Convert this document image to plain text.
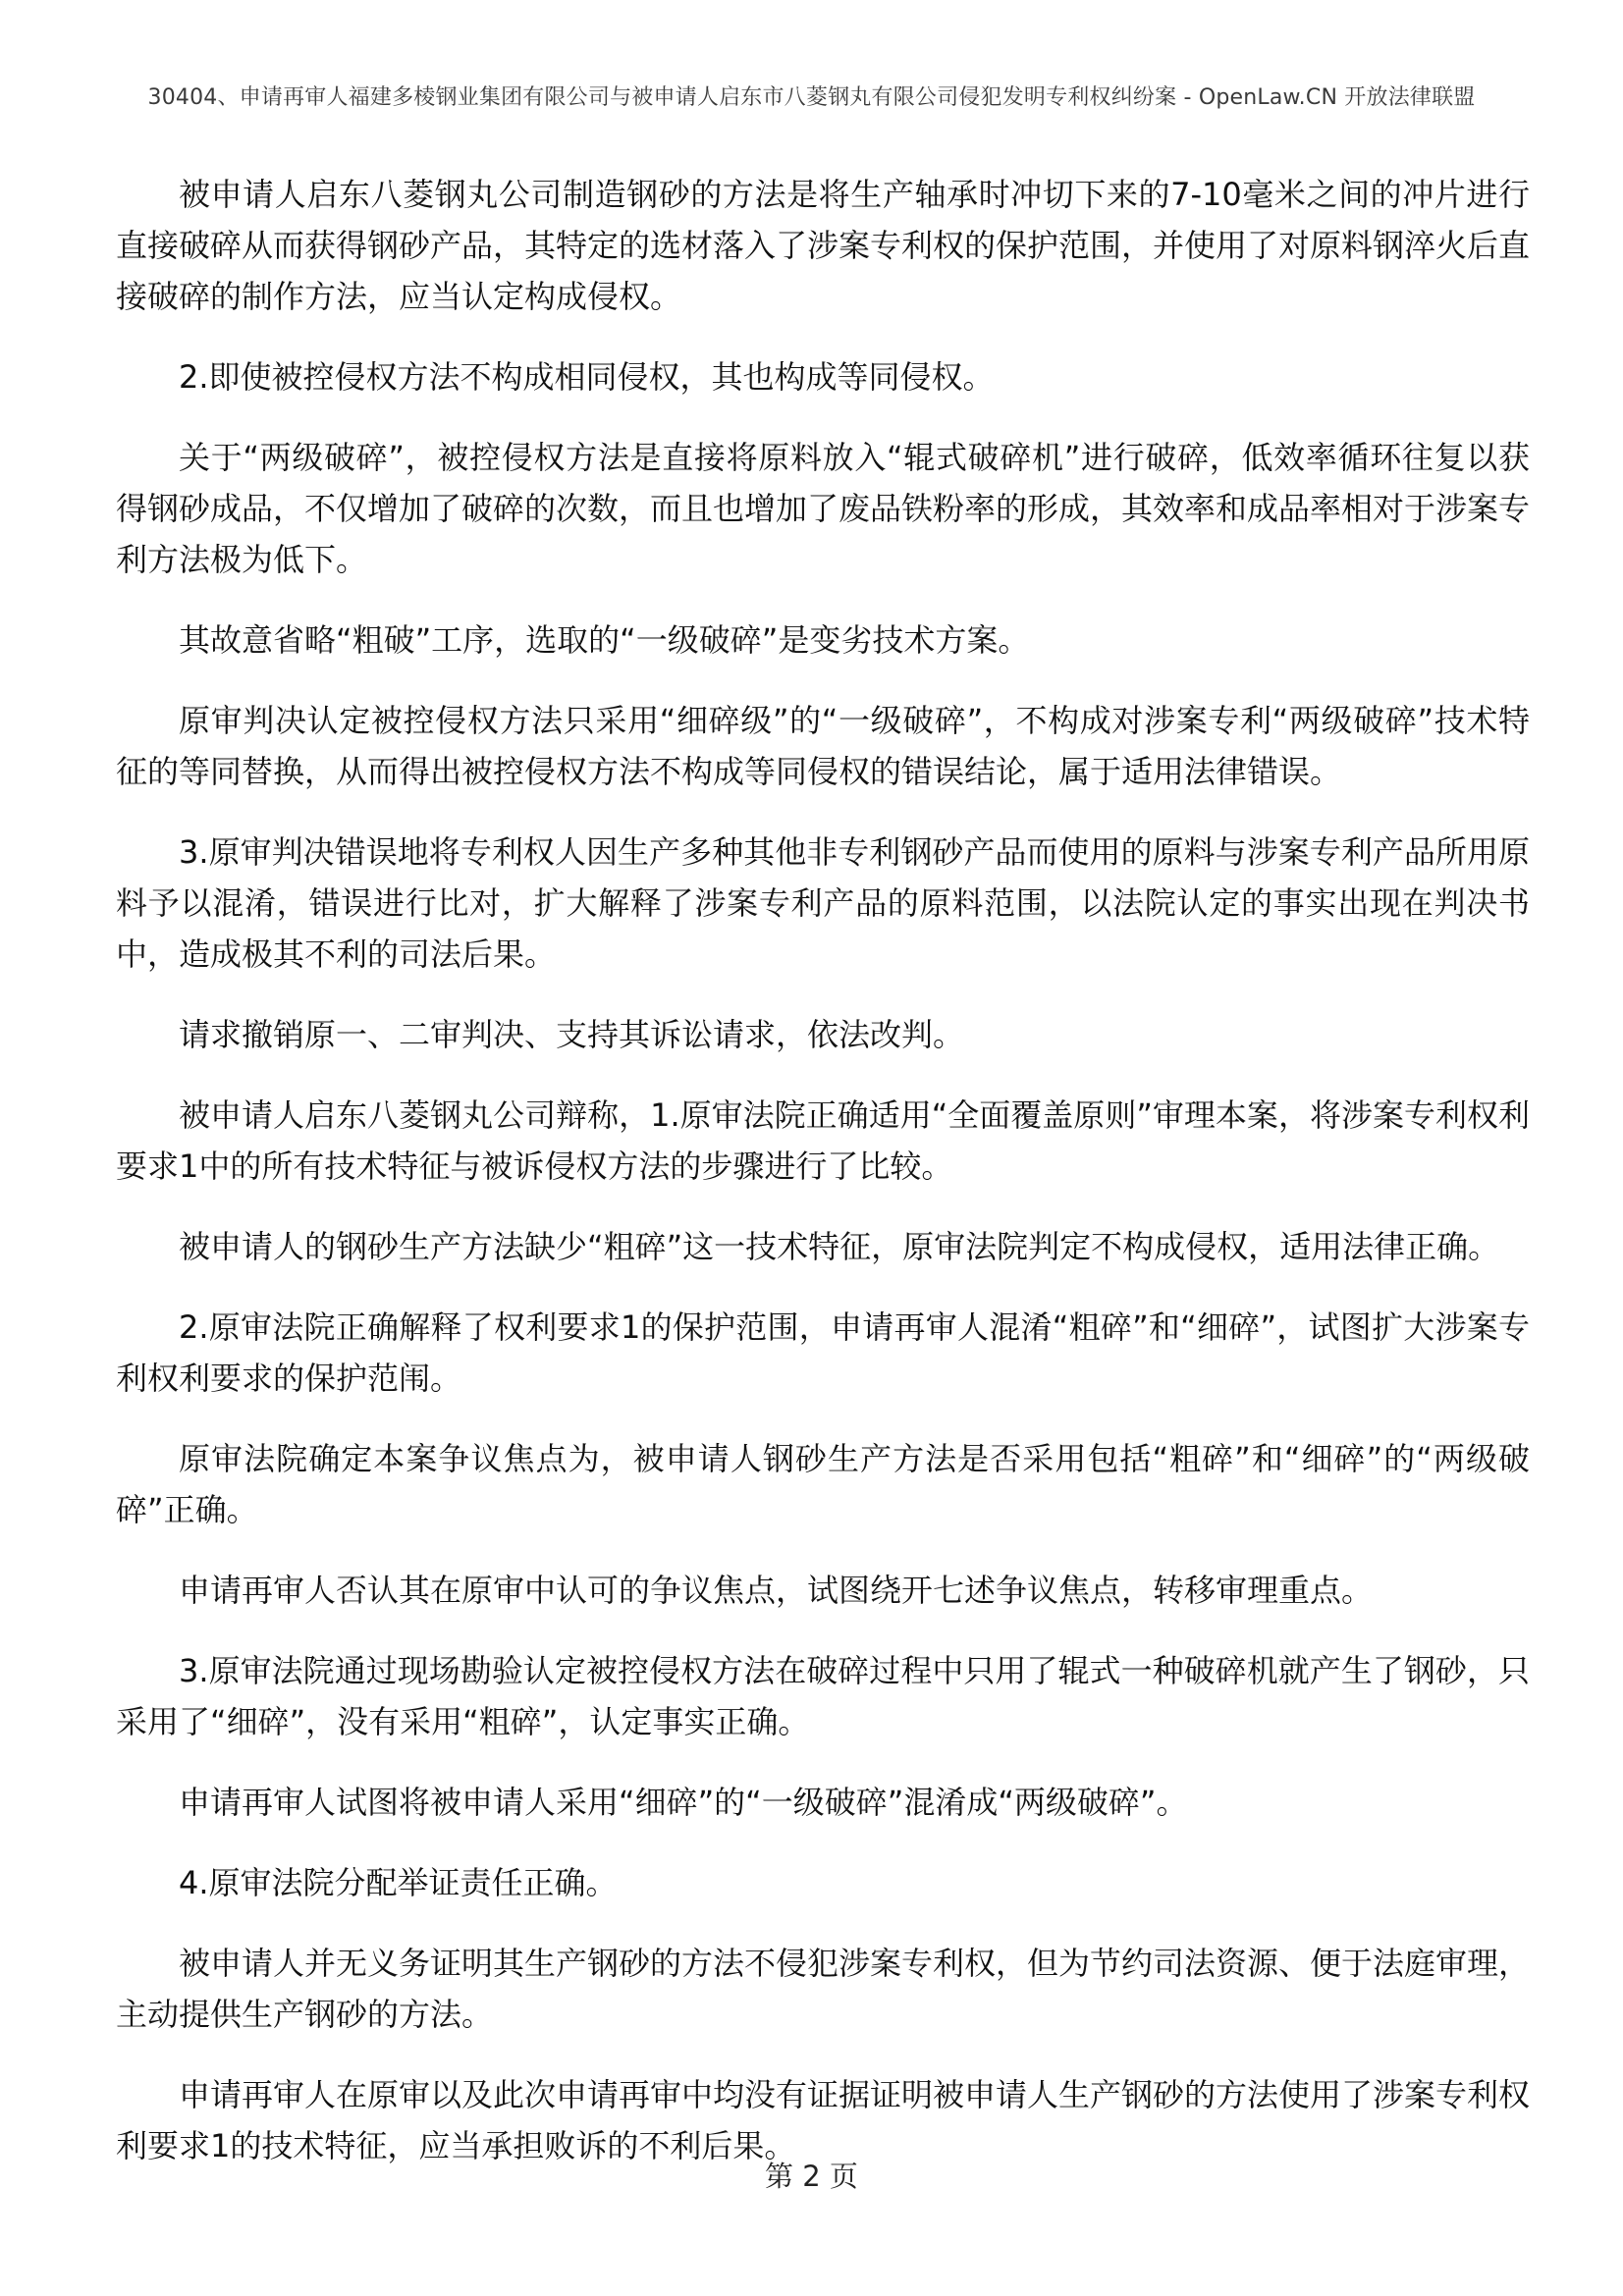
30404、申请再审人福建多棱钢业集团有限公司与被申请人启东市八菱钢丸有限公司侵犯发明专利权纠纷案 - OpenLaw.CN 开放法律联盟

被申请人启东八菱钢丸公司制造钢砂的方法是将生产轴承时冲切下来的7-10毫米之间的冲片进行直接破碎从而获得钢砂产品，其特定的选材落入了涉案专利权的保护范围，并使用了对原料钢淬火后直接破碎的制作方法，应当认定构成侵权。

2.即使被控侵权方法不构成相同侵权，其也构成等同侵权。

关于“两级破碎”，被控侵权方法是直接将原料放入“辊式破碎机”进行破碎，低效率循环往复以获得钢砂成品，不仅增加了破碎的次数，而且也增加了废品铁粉率的形成，其效率和成品率相对于涉案专利方法极为低下。

其故意省略“粗破”工序，选取的“一级破碎”是变劣技术方案。

原审判决认定被控侵权方法只采用“细碎级”的“一级破碎”，不构成对涉案专利“两级破碎”技术特征的等同替换，从而得出被控侵权方法不构成等同侵权的错误结论，属于适用法律错误。

3.原审判决错误地将专利权人因生产多种其他非专利钢砂产品而使用的原料与涉案专利产品所用原料予以混淆，错误进行比对，扩大解释了涉案专利产品的原料范围，以法院认定的事实出现在判决书中，造成极其不利的司法后果。

请求撤销原一、二审判决、支持其诉讼请求，依法改判。

被申请人启东八菱钢丸公司辩称，1.原审法院正确适用“全面覆盖原则”审理本案，将涉案专利权利要求1中的所有技术特征与被诉侵权方法的步骤进行了比较。

被申请人的钢砂生产方法缺少“粗碎”这一技术特征，原审法院判定不构成侵权，适用法律正确。

2.原审法院正确解释了权利要求1的保护范围，申请再审人混淆“粗碎”和“细碎”，试图扩大涉案专利权利要求的保护范闱。

原审法院确定本案争议焦点为，被申请人钢砂生产方法是否采用包括“粗碎”和“细碎”的“两级破碎”正确。

申请再审人否认其在原审中认可的争议焦点，试图绕开七述争议焦点，转移审理重点。

3.原审法院通过现场勘验认定被控侵权方法在破碎过程中只用了辊式一种破碎机就产生了钢砂，只采用了“细碎”，没有采用“粗碎”，认定事实正确。

申请再审人试图将被申请人采用“细碎”的“一级破碎”混淆成“两级破碎”。

4.原审法院分配举证责任正确。

被申请人并无义务证明其生产钢砂的方法不侵犯涉案专利权，但为节约司法资源、便于法庭审理，主动提供生产钢砂的方法。

申请再审人在原审以及此次申请再审中均没有证据证明被申请人生产钢砂的方法使用了涉案专利权利要求1的技术特征，应当承担败诉的不利后果。

第 2 页
